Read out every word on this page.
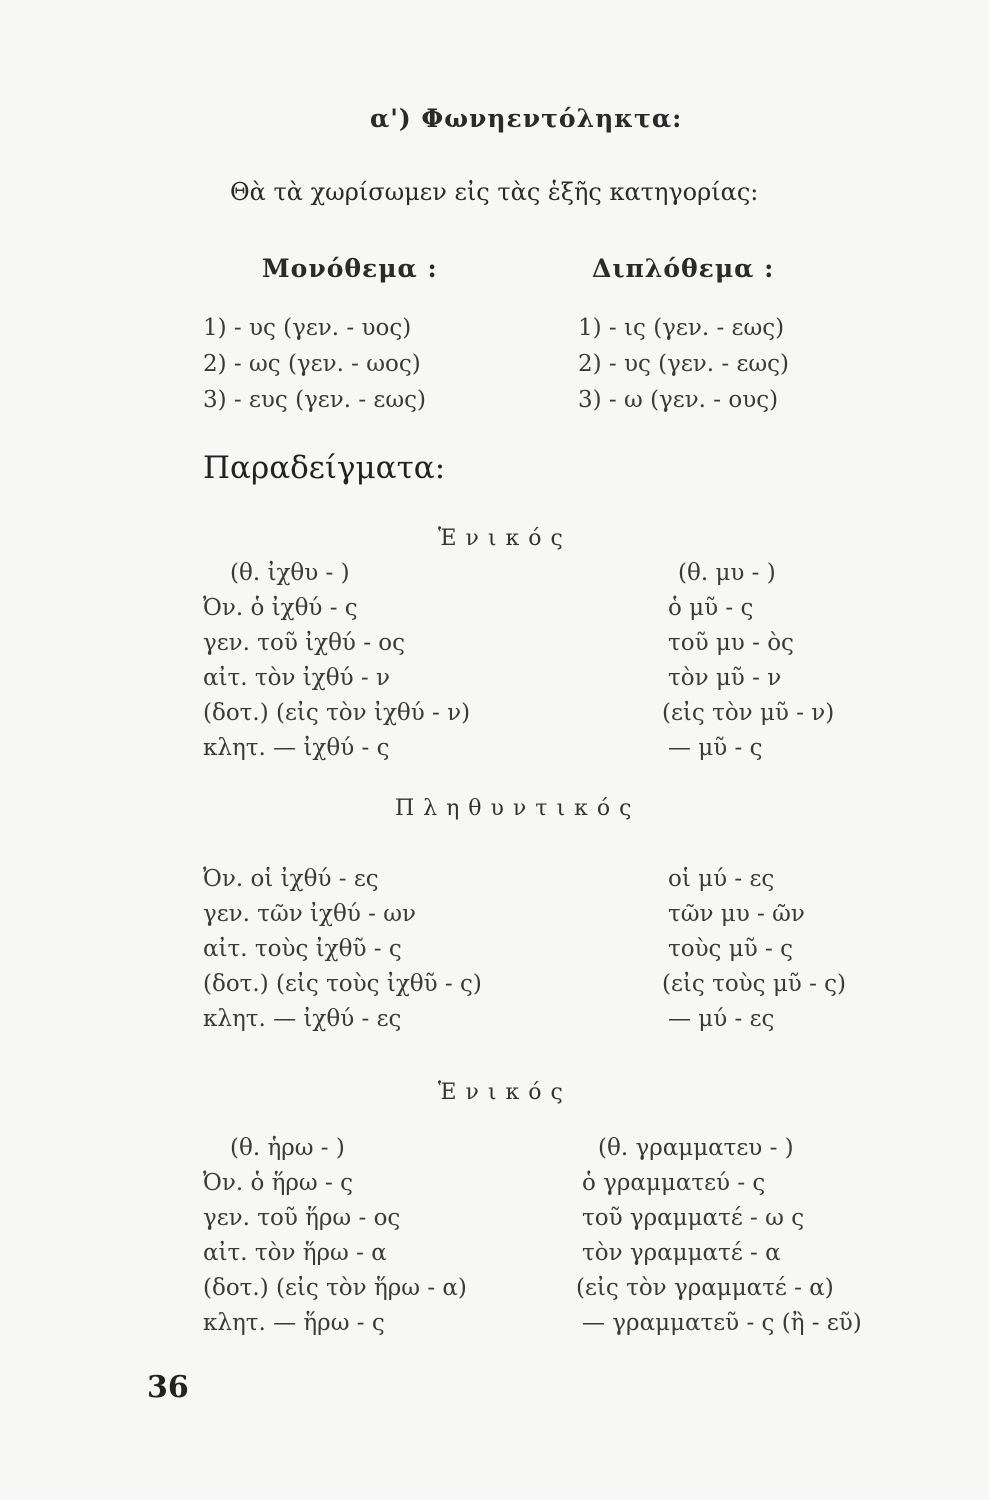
α') Φωνηεντόληκτα:
Θὰ τὰ χωρίσωμεν εἰς τὰς ἑξῆς κατηγορίας:
Μονόθεμα :	Διπλόθεμα :
1) - υς (γεν. - υος)
2) - ως (γεν. - ωος)
3) - ευς (γεν. - εως)
1) - ις (γεν. - εως)
2) - υς (γεν. - εως)
3) - ω (γεν. - ους)
Παραδείγματα:
Ἑνικός
(θ. ἰχθυ - )
Ὀν. ὁ ἰχθύ - ς
γεν. τοῦ ἰχθύ - ος
αἰτ. τὸν ἰχθύ - ν
(δοτ.) (εἰς τὸν ἰχθύ - ν)
κλητ. — ἰχθύ - ς
(θ. μυ - )
ὁ μῦ - ς
τοῦ μυ - ὸς
τὸν μῦ - ν
(εἰς τὸν μῦ - ν)
— μῦ - ς
Πληθυντικός
Ὀν. οἱ ἰχθύ - ες
γεν. τῶν ἰχθύ - ων
αἰτ. τοὺς ἰχθῦ - ς
(δοτ.) (εἰς τοὺς ἰχθῦ - ς)
κλητ. — ἰχθύ - ες
οἱ μύ - ες
τῶν μυ - ῶν
τοὺς μῦ - ς
(εἰς τοὺς μῦ - ς)
— μύ - ες
Ἑνικός
(θ. ἡρω - )
Ὀν. ὁ ἥρω - ς
γεν. τοῦ ἥρω - ος
αἰτ. τὸν ἥρω - α
(δοτ.) (εἰς τὸν ἥρω - α)
κλητ. — ἥρω - ς
(θ. γραμματευ - )
ὁ γραμματεύ - ς
τοῦ γραμματέ - ω ς
τὸν γραμματέ - α
(εἰς τὸν γραμματέ - α)
— γραμματεῦ - ς (ἢ - εῦ)
36
